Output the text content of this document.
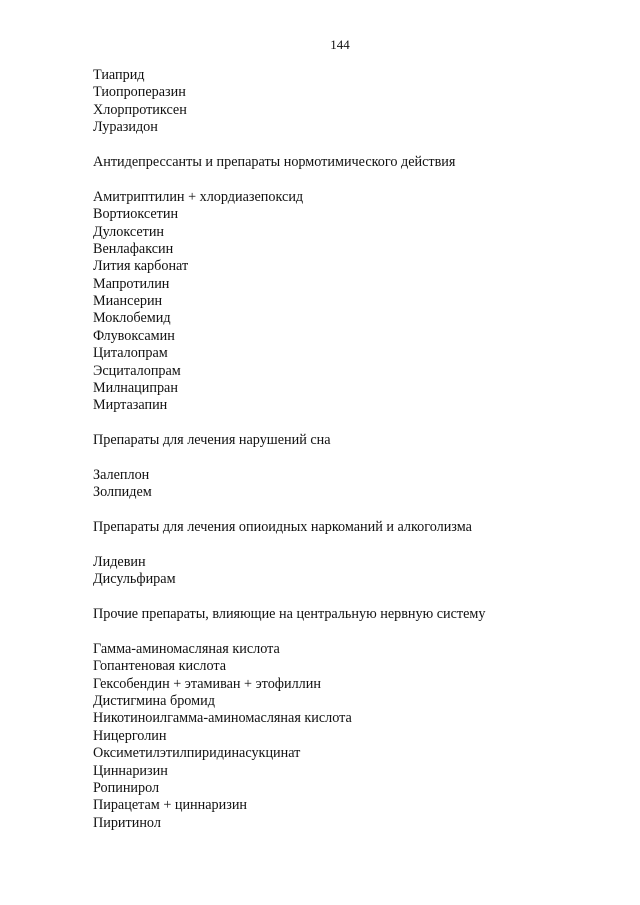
144
Тиаприд
Тиопроперазин
Хлорпротиксен
Луразидон
Антидепрессанты и препараты нормотимического действия
Амитриптилин + хлордиазепоксид
Вортиоксетин
Дулоксетин
Венлафаксин
Лития карбонат
Мапротилин
Миансерин
Моклобемид
Флувоксамин
Циталопрам
Эсциталопрам
Милнаципран
Миртазапин
Препараты для лечения нарушений сна
Залеплон
Золпидем
Препараты для лечения опиоидных наркоманий и алкоголизма
Лидевин
Дисульфирам
Прочие препараты, влияющие на центральную нервную систему
Гамма-аминомасляная кислота
Гопантеновая кислота
Гексобендин + этамиван + этофиллин
Дистигмина бромид
Никотиноилгамма-аминомасляная кислота
Ницерголин
Оксиметилэтилпиридинасукцинат
Циннаризин
Ропинирол
Пирацетам + циннаризин
Пиритинол
